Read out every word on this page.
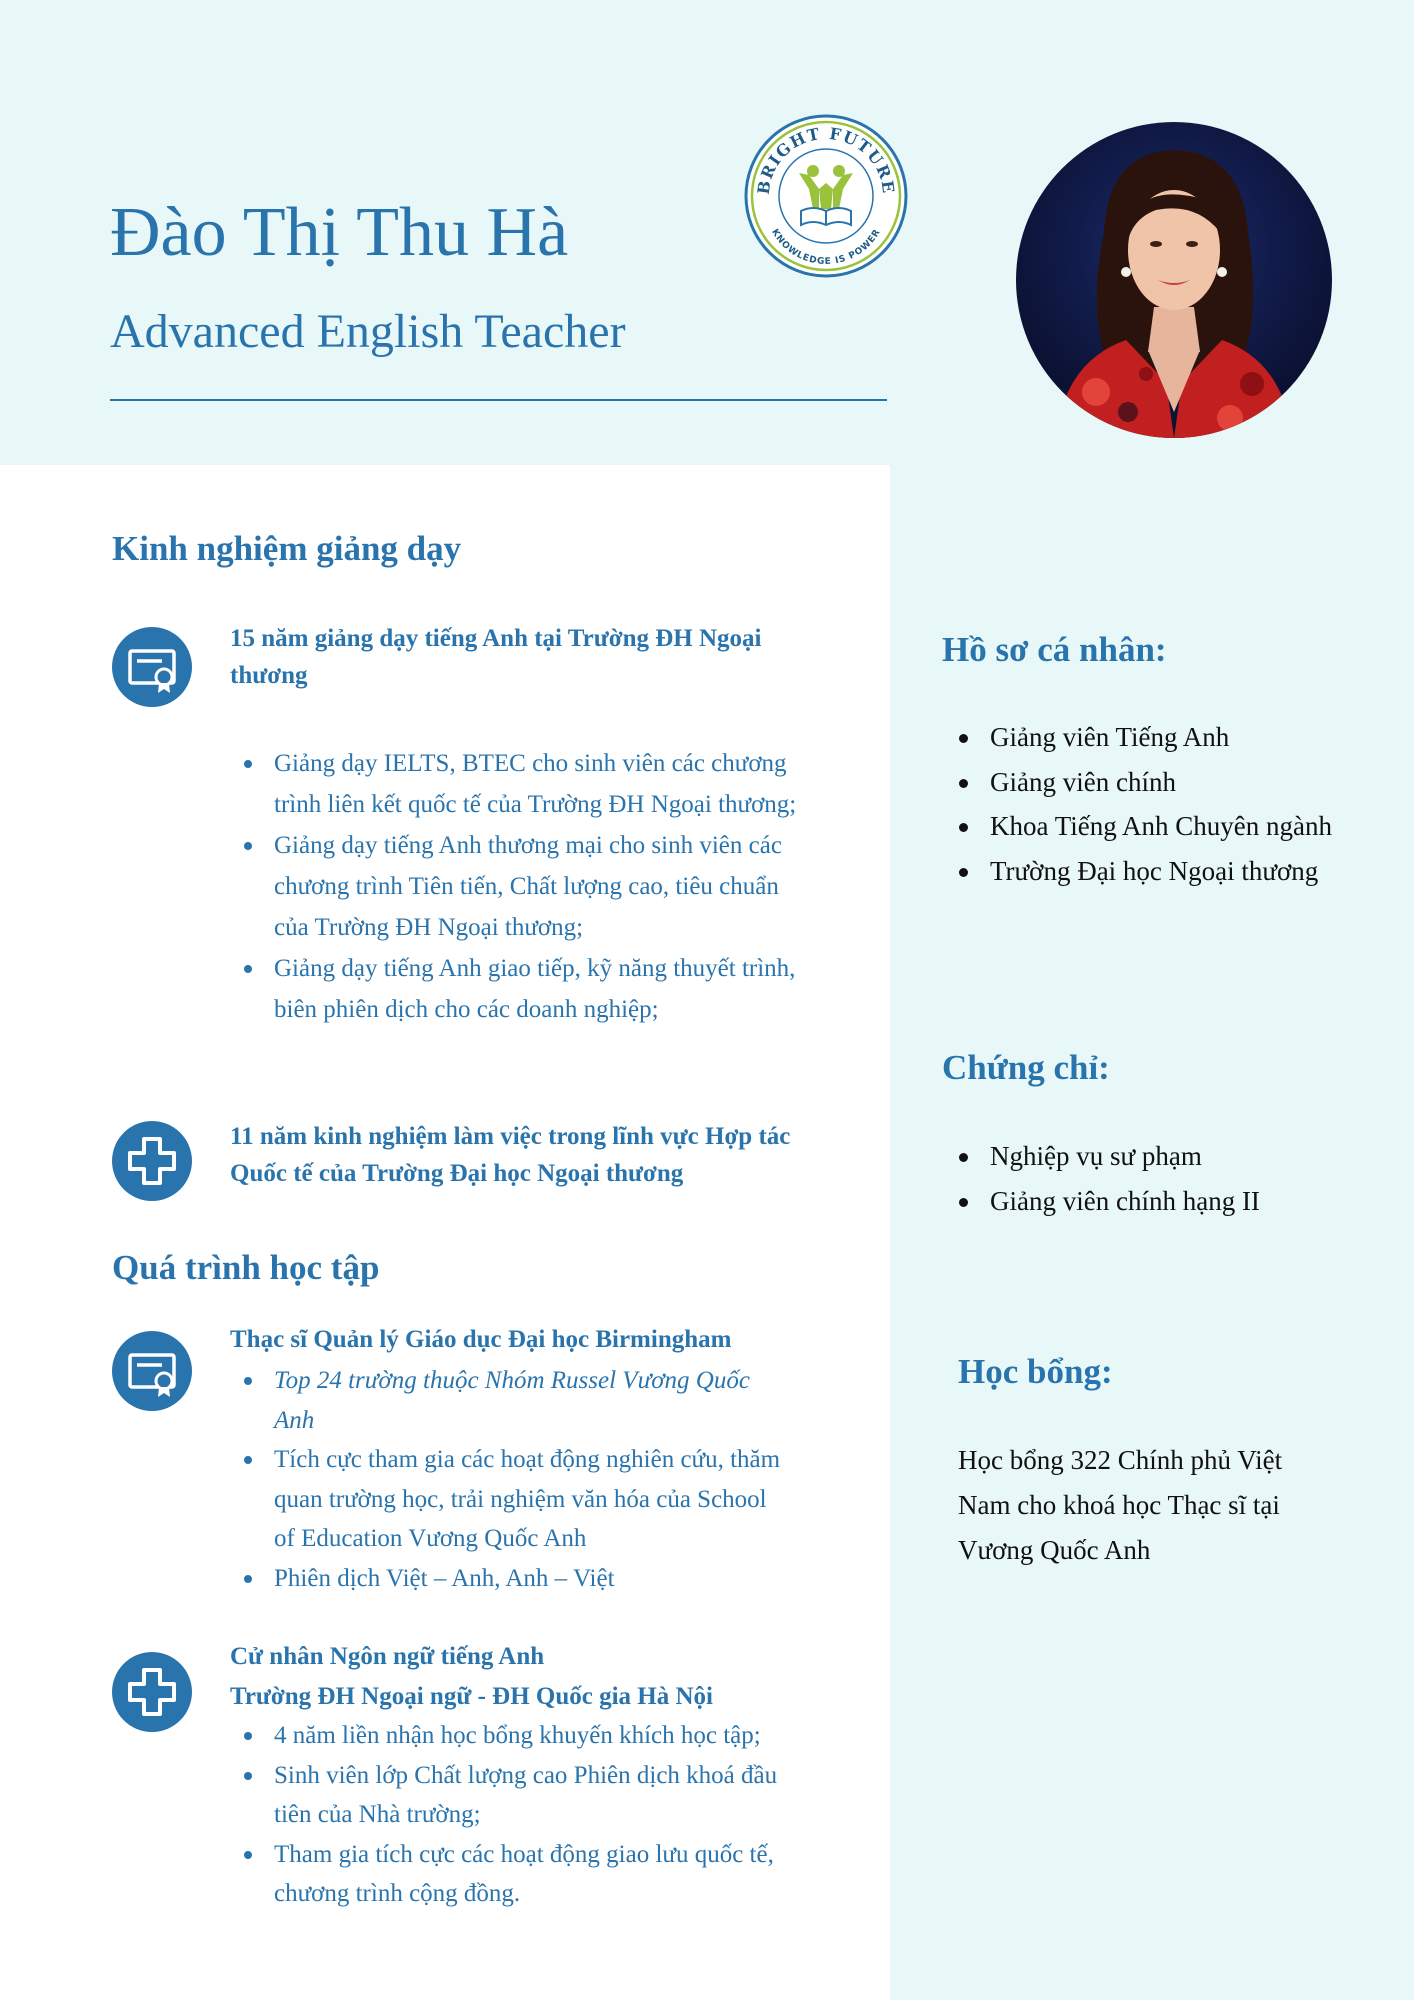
Đào Thị Thu Hà
Advanced English Teacher
BRIGHT FUTURE
KNOWLEDGE IS POWER
Kinh nghiệm giảng dạy
15 năm giảng dạy tiếng Anh tại Trường ĐH Ngoại thương
Giảng dạy IELTS, BTEC cho sinh viên các chương trình liên kết quốc tế của Trường ĐH Ngoại thương;
Giảng dạy tiếng Anh thương mại cho sinh viên các chương trình Tiên tiến, Chất lượng cao, tiêu chuẩn của Trường ĐH Ngoại thương;
Giảng dạy tiếng Anh giao tiếp, kỹ năng thuyết trình, biên phiên dịch cho các doanh nghiệp;
11 năm kinh nghiệm làm việc trong lĩnh vực Hợp tác Quốc tế của Trường Đại học Ngoại thương
Quá trình học tập
Thạc sĩ Quản lý Giáo dục Đại học Birmingham
Top 24 trường thuộc Nhóm Russel Vương Quốc Anh
Tích cực tham gia các hoạt động nghiên cứu, thăm quan trường học, trải nghiệm văn hóa của School of Education Vương Quốc Anh
Phiên dịch Việt – Anh, Anh – Việt
Cử nhân Ngôn ngữ tiếng Anh
Trường ĐH Ngoại ngữ - ĐH Quốc gia Hà Nội
4 năm liền nhận học bổng khuyến khích học tập;
Sinh viên lớp Chất lượng cao Phiên dịch khoá đầu tiên của Nhà trường;
Tham gia tích cực các hoạt động giao lưu quốc tế, chương trình cộng đồng.
Hồ sơ cá nhân:
Giảng viên Tiếng Anh
Giảng viên chính
Khoa Tiếng Anh Chuyên ngành
Trường Đại học Ngoại thương
Chứng chỉ:
Nghiệp vụ sư phạm
Giảng viên chính hạng II
Học bổng:
Học bổng 322 Chính phủ Việt Nam cho khoá học Thạc sĩ tại Vương Quốc Anh
